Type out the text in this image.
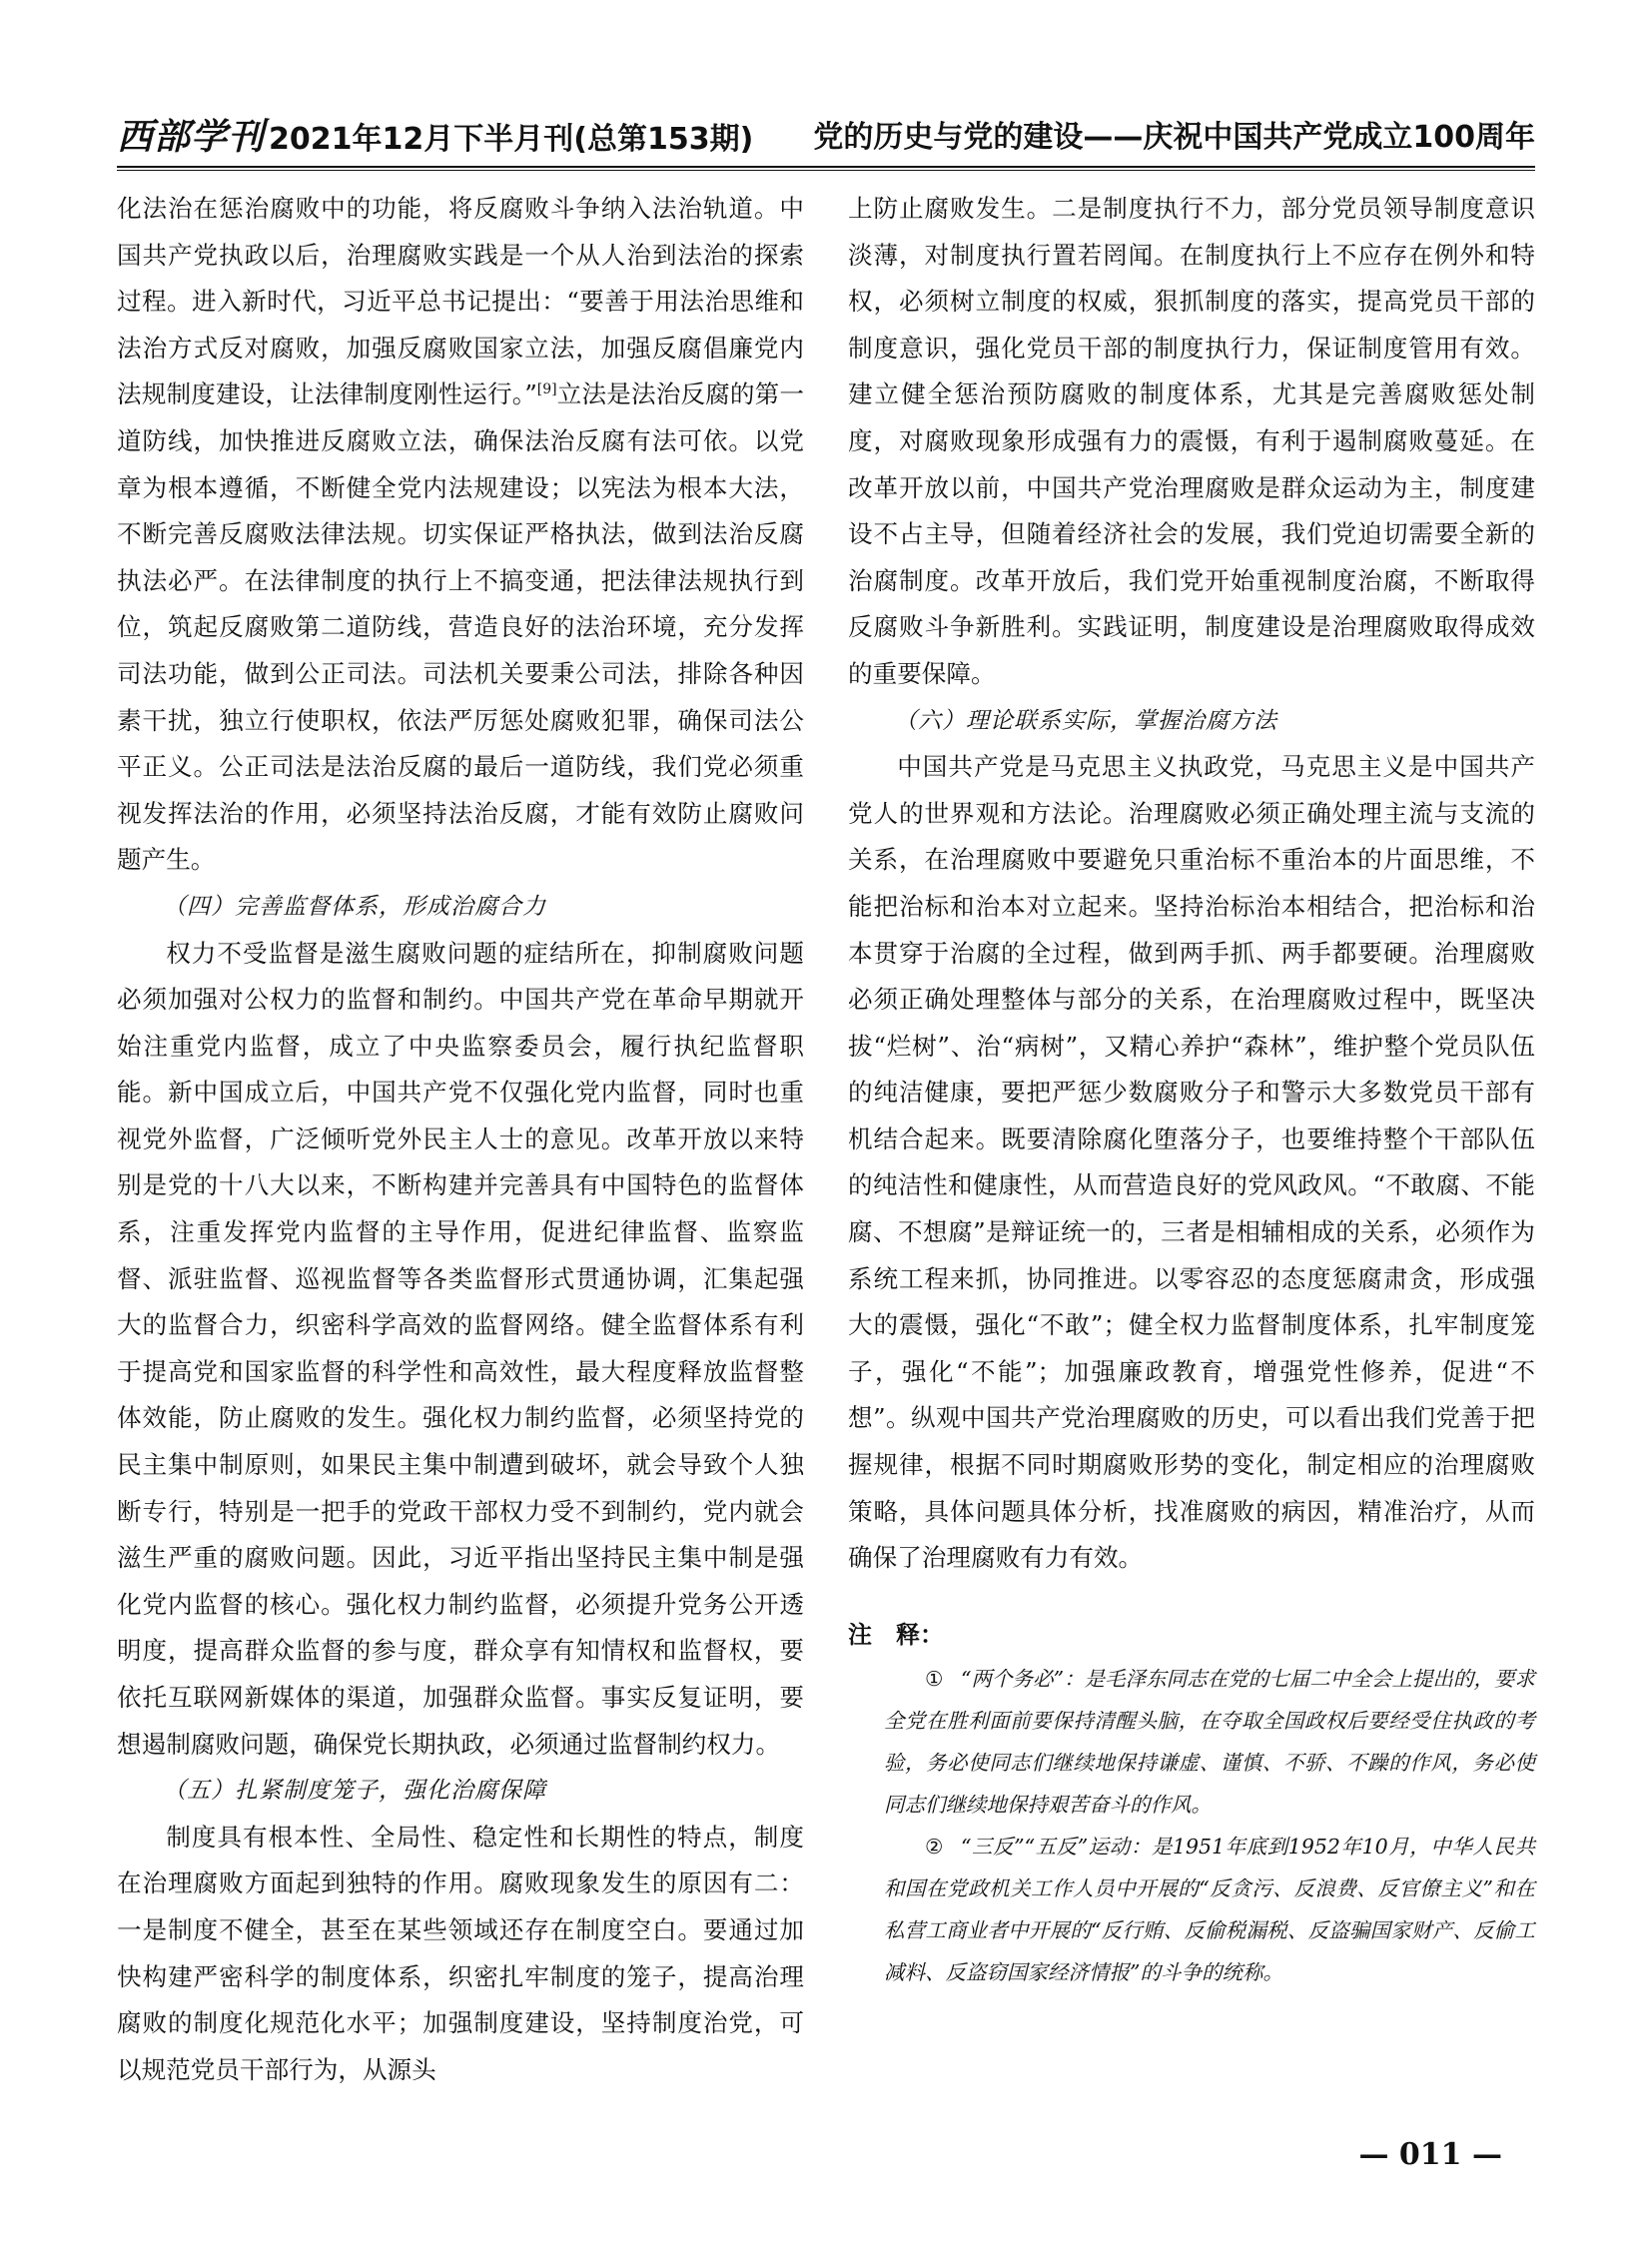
西部学刊 2021年12月下半月刊(总第153期) 党的历史与党的建设——庆祝中国共产党成立100周年

化法治在惩治腐败中的功能，将反腐败斗争纳入法治轨道。中国共产党执政以后，治理腐败实践是一个从人治到法治的探索过程。进入新时代，习近平总书记提出：“要善于用法治思维和法治方式反对腐败，加强反腐败国家立法，加强反腐倡廉党内法规制度建设，让法律制度刚性运行。”[9]立法是法治反腐的第一道防线，加快推进反腐败立法，确保法治反腐有法可依。以党章为根本遵循，不断健全党内法规建设；以宪法为根本大法，不断完善反腐败法律法规。切实保证严格执法，做到法治反腐执法必严。在法律制度的执行上不搞变通，把法律法规执行到位，筑起反腐败第二道防线，营造良好的法治环境，充分发挥司法功能，做到公正司法。司法机关要秉公司法，排除各种因素干扰，独立行使职权，依法严厉惩处腐败犯罪，确保司法公平正义。公正司法是法治反腐的最后一道防线，我们党必须重视发挥法治的作用，必须坚持法治反腐，才能有效防止腐败问题产生。

（四）完善监督体系，形成治腐合力

权力不受监督是滋生腐败问题的症结所在，抑制腐败问题必须加强对公权力的监督和制约。中国共产党在革命早期就开始注重党内监督，成立了中央监察委员会，履行执纪监督职能。新中国成立后，中国共产党不仅强化党内监督，同时也重视党外监督，广泛倾听党外民主人士的意见。改革开放以来特别是党的十八大以来，不断构建并完善具有中国特色的监督体系，注重发挥党内监督的主导作用，促进纪律监督、监察监督、派驻监督、巡视监督等各类监督形式贯通协调，汇集起强大的监督合力，织密科学高效的监督网络。健全监督体系有利于提高党和国家监督的科学性和高效性，最大程度释放监督整体效能，防止腐败的发生。强化权力制约监督，必须坚持党的民主集中制原则，如果民主集中制遭到破坏，就会导致个人独断专行，特别是一把手的党政干部权力受不到制约，党内就会滋生严重的腐败问题。因此，习近平指出坚持民主集中制是强化党内监督的核心。强化权力制约监督，必须提升党务公开透明度，提高群众监督的参与度，群众享有知情权和监督权，要依托互联网新媒体的渠道，加强群众监督。事实反复证明，要想遏制腐败问题，确保党长期执政，必须通过监督制约权力。

（五）扎紧制度笼子，强化治腐保障

制度具有根本性、全局性、稳定性和长期性的特点，制度在治理腐败方面起到独特的作用。腐败现象发生的原因有二：一是制度不健全，甚至在某些领域还存在制度空白。要通过加快构建严密科学的制度体系，织密扎牢制度的笼子，提高治理腐败的制度化规范化水平；加强制度建设，坚持制度治党，可以规范党员干部行为，从源头

上防止腐败发生。二是制度执行不力，部分党员领导制度意识淡薄，对制度执行置若罔闻。在制度执行上不应存在例外和特权，必须树立制度的权威，狠抓制度的落实，提高党员干部的制度意识，强化党员干部的制度执行力，保证制度管用有效。建立健全惩治预防腐败的制度体系，尤其是完善腐败惩处制度，对腐败现象形成强有力的震慑，有利于遏制腐败蔓延。在改革开放以前，中国共产党治理腐败是群众运动为主，制度建设不占主导，但随着经济社会的发展，我们党迫切需要全新的治腐制度。改革开放后，我们党开始重视制度治腐，不断取得反腐败斗争新胜利。实践证明，制度建设是治理腐败取得成效的重要保障。

（六）理论联系实际，掌握治腐方法

中国共产党是马克思主义执政党，马克思主义是中国共产党人的世界观和方法论。治理腐败必须正确处理主流与支流的关系，在治理腐败中要避免只重治标不重治本的片面思维，不能把治标和治本对立起来。坚持治标治本相结合，把治标和治本贯穿于治腐的全过程，做到两手抓、两手都要硬。治理腐败必须正确处理整体与部分的关系，在治理腐败过程中，既坚决拔“烂树”、治“病树”，又精心养护“森林”，维护整个党员队伍的纯洁健康，要把严惩少数腐败分子和警示大多数党员干部有机结合起来。既要清除腐化堕落分子，也要维持整个干部队伍的纯洁性和健康性，从而营造良好的党风政风。“不敢腐、不能腐、不想腐”是辩证统一的，三者是相辅相成的关系，必须作为系统工程来抓，协同推进。以零容忍的态度惩腐肃贪，形成强大的震慑，强化“不敢”；健全权力监督制度体系，扎牢制度笼子，强化“不能”；加强廉政教育，增强党性修养，促进“不想”。纵观中国共产党治理腐败的历史，可以看出我们党善于把握规律，根据不同时期腐败形势的变化，制定相应的治理腐败策略，具体问题具体分析，找准腐败的病因，精准治疗，从而确保了治理腐败有力有效。

注　释：

① “两个务必”：是毛泽东同志在党的七届二中全会上提出的，要求全党在胜利面前要保持清醒头脑，在夺取全国政权后要经受住执政的考验，务必使同志们继续地保持谦虚、谨慎、不骄、不躁的作风，务必使同志们继续地保持艰苦奋斗的作风。

② “三反”“五反”运动：是1951年底到1952年10月，中华人民共和国在党政机关工作人员中开展的“反贪污、反浪费、反官僚主义”和在私营工商业者中开展的“反行贿、反偷税漏税、反盗骗国家财产、反偷工减料、反盗窃国家经济情报”的斗争的统称。

— 011 —
